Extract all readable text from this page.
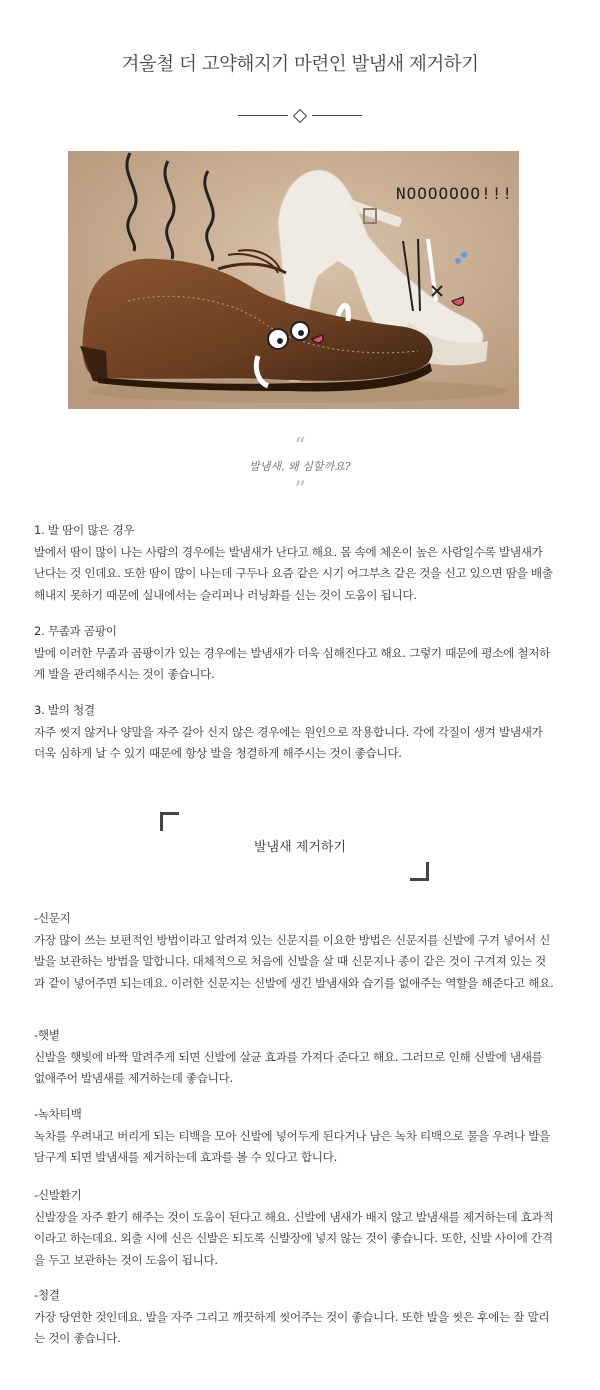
겨울철 더 고약해지기 마련인 발냄새 제거하기
NOOOOOOO!!!
“
발냄새, 왜 심할까요?
”

1. 발 땀이 많은 경우

발에서 땀이 많이 나는 사람의 경우에는 발냄새가 난다고 해요. 몸 속에 체온이 높은 사람일수록 발냄새가 난다는 것 인데요. 또한 땀이 많이 나는데 구두나 요즘 같은 시기 어그부츠 같은 것을 신고 있으면 땀을 배출해내지 못하기 때문에 실내에서는 슬리퍼나 러닝화를 신는 것이 도움이 됩니다.

2. 무좀과 곰팡이

발에 이러한 무좀과 곰팡이가 있는 경우에는 발냄새가 더욱 심해진다고 해요. 그렇기 때문에 평소에 철저하게 발을 관리해주시는 것이 좋습니다.

3. 발의 청결

자주 씻지 않거나 양말을 자주 갈아 신지 않은 경우에는 원인으로 작용합니다. 각에 각질이 생겨 발냄새가 더욱 심하게 날 수 있기 때문에 항상 발을 청결하게 해주시는 것이 좋습니다.

발냄새 제거하기

-신문지

가장 많이 쓰는 보편적인 방법이라고 알려져 있는 신문지를 이요한 방법은 신문지를 신발에 구겨 넣어서 신발을 보관하는 방법을 말합니다. 대체적으로 처음에 신발을 살 때 신문지나 종이 같은 것이 구겨져 있는 것과 같이 넣어주면 되는데요. 이러한 신문지는 신발에 생긴 발냄새와 습기를 없애주는 역할을 해준다고 해요.

-햇볕

신발을 햇빛에 바짝 말려주게 되면 신발에 살균 효과를 가져다 준다고 해요. 그러므로 인해 신발에 냄새를 없애주어 발냄새를 제거하는데 좋습니다.

-녹차티백

녹차를 우려내고 버리게 되는 티백을 모아 신발에 넣어두게 된다거나 남은 녹차 티백으로 물을 우려나 발을 담구게 되면 발냄새를 제거하는데 효과를 볼 수 있다고 합니다.

-신발환기

신발장을 자주 환기 해주는 것이 도움이 된다고 해요. 신발에 냄새가 배지 않고 발냄새를 제거하는데 효과적이라고 하는데요. 외출 시에 신은 신발은 되도록 신발장에 넣지 않는 것이 좋습니다. 또한, 신발 사이에 간격을 두고 보관하는 것이 도움이 됩니다.

-청결

가장 당연한 것인데요. 발을 자주 그리고 깨끗하게 씻어주는 것이 좋습니다. 또한 발을 씻은 후에는 잘 말리는 것이 좋습니다.
